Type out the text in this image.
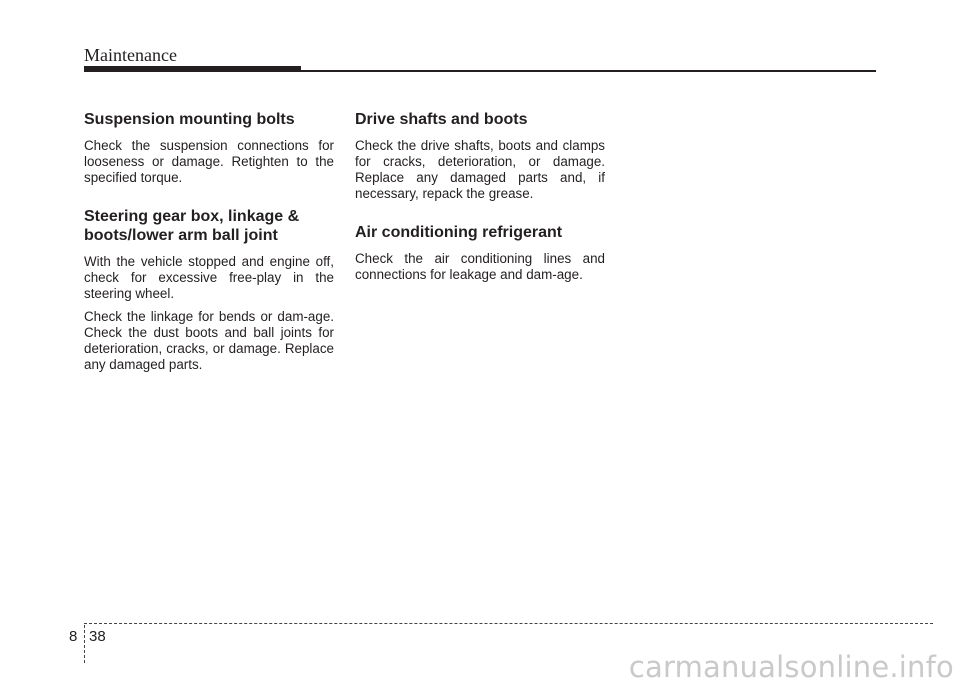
Maintenance
Suspension mounting bolts

Check the suspension connections for looseness or damage. Retighten to the specified torque.

Steering gear box, linkage & boots/lower arm ball joint

With the vehicle stopped and engine off, check for excessive free-play in the steering wheel.

Check the linkage for bends or dam-age. Check the dust boots and ball joints for deterioration, cracks, or damage. Replace any damaged parts.

Drive shafts and boots

Check the drive shafts, boots and clamps for cracks, deterioration, or damage. Replace any damaged parts and, if necessary, repack the grease.

Air conditioning refrigerant

Check the air conditioning lines and connections for leakage and dam-age.

8 38
carmanualsonline.info
